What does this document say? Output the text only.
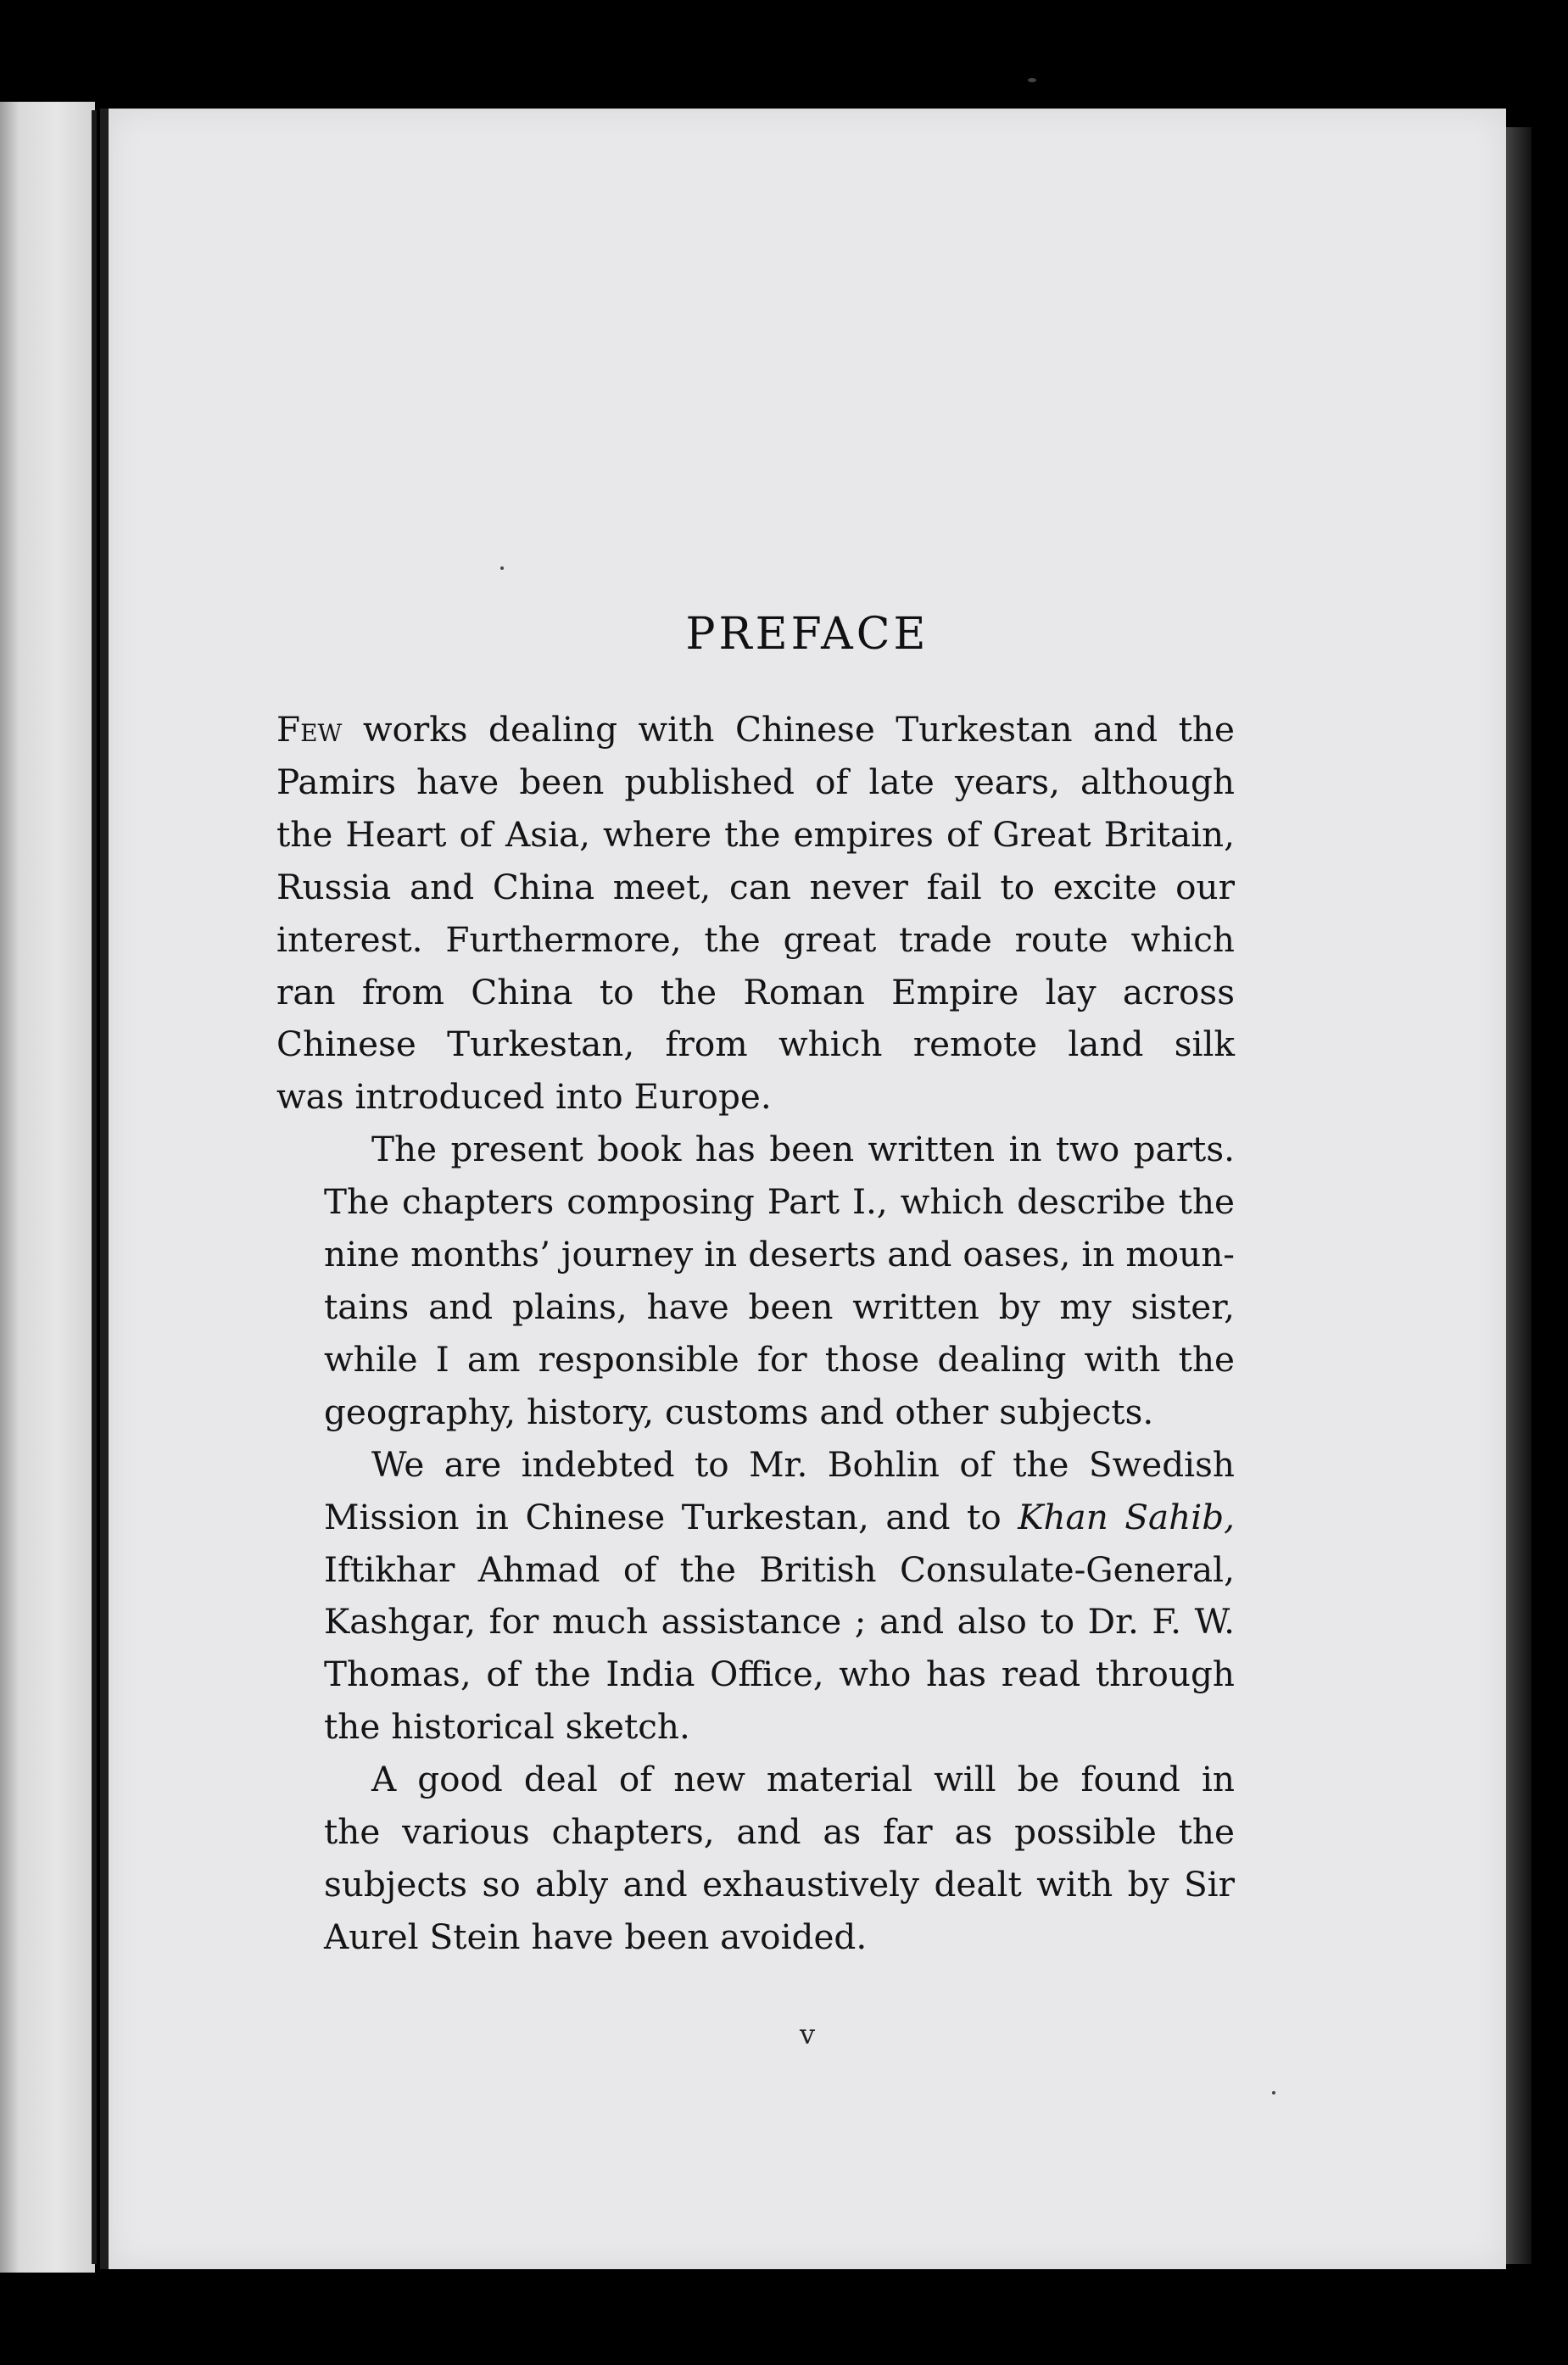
PREFACE

Few works dealing with Chinese Turkestan and the
Pamirs have been published of late years, although
the Heart of Asia, where the empires of Great Britain,
Russia and China meet, can never fail to excite our
interest. Furthermore, the great trade route which
ran from China to the Roman Empire lay across
Chinese Turkestan, from which remote land silk
was introduced into Europe.

The present book has been written in two parts.
The chapters composing Part I., which describe the
nine months’ journey in deserts and oases, in moun-
tains and plains, have been written by my sister,
while I am responsible for those dealing with the
geography, history, customs and other subjects.

We are indebted to Mr. Bohlin of the Swedish
Mission in Chinese Turkestan, and to Khan Sahib,
Iftikhar Ahmad of the British Consulate-General,
Kashgar, for much assistance ; and also to Dr. F. W.
Thomas, of the India Office, who has read through
the historical sketch.

A good deal of new material will be found in
the various chapters, and as far as possible the
subjects so ably and exhaustively dealt with by Sir
Aurel Stein have been avoided.

v
